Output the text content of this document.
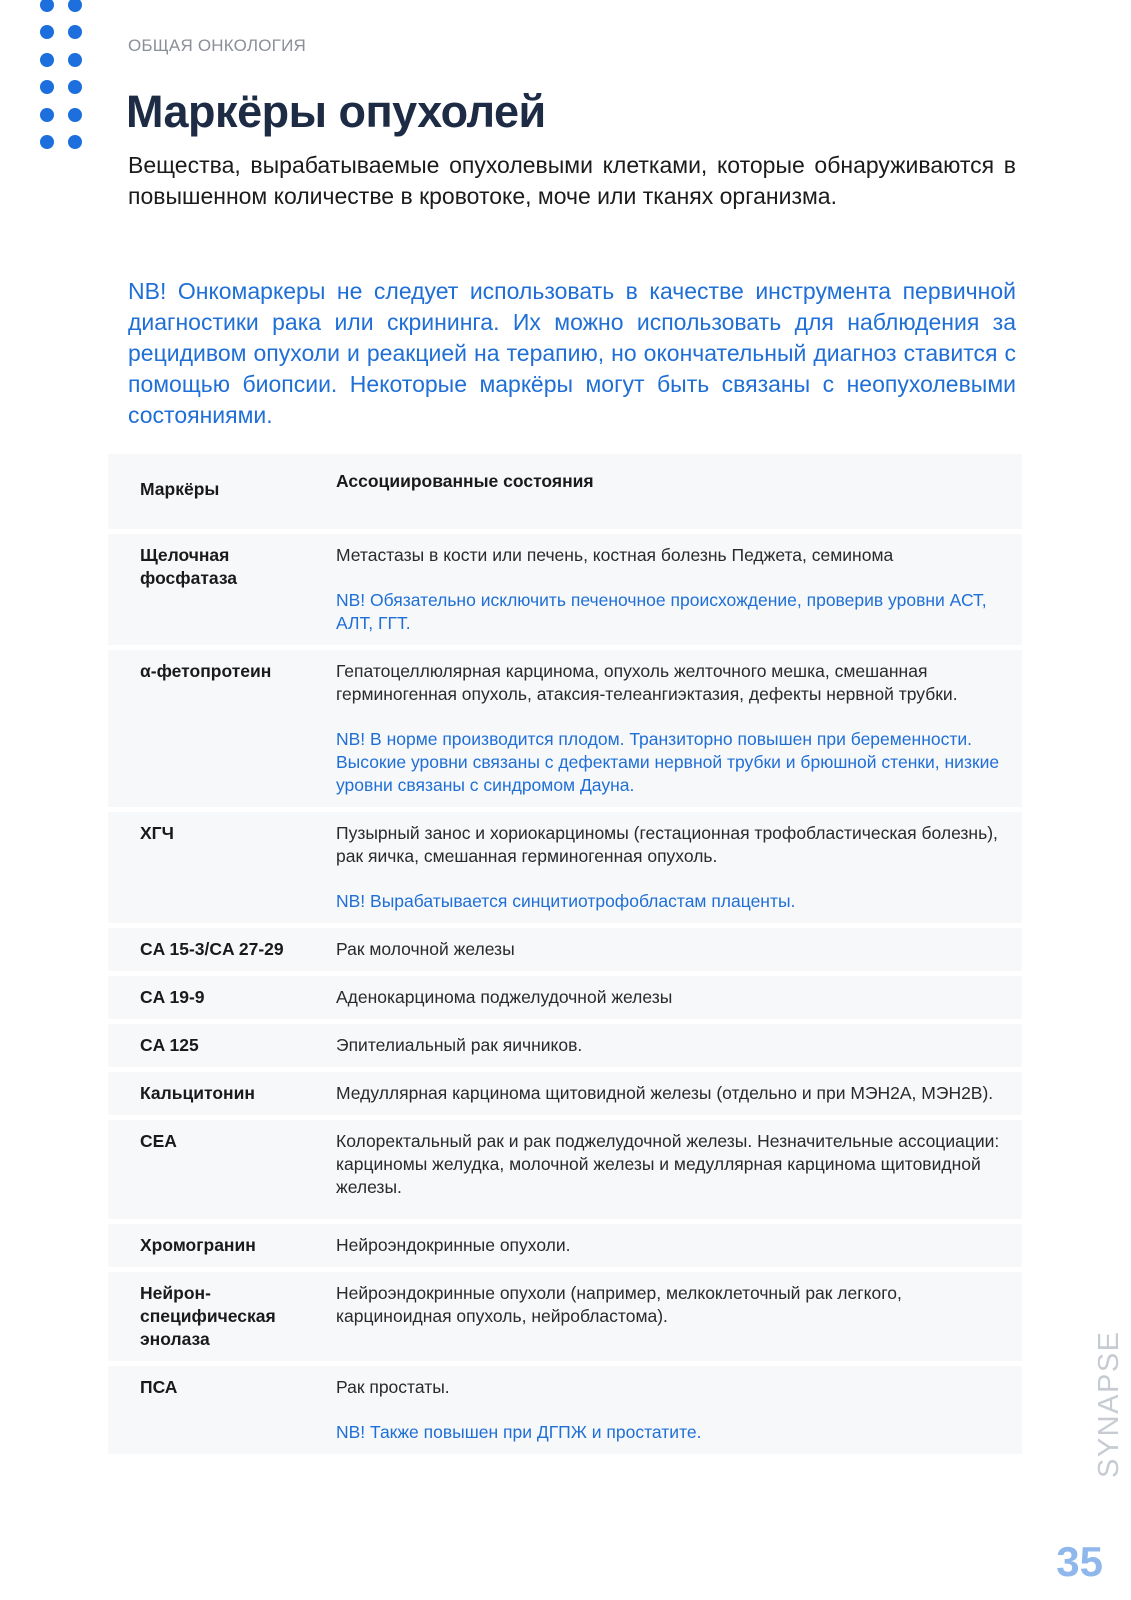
ОБЩАЯ ОНКОЛОГИЯ
Маркёры опухолей

Вещества, вырабатываемые опухолевыми клетками, которые обнаруживаются в повышенном количестве в кровотоке, моче или тканях организма.

NB! Онкомаркеры не следует использовать в качестве инструмента первичной диагностики рака или скрининга. Их можно использовать для наблюдения за рецидивом опухоли и реакцией на терапию, но окончательный диагноз ставится с помощью биопсии. Некоторые маркёры могут быть связаны с неопухолевыми состояниями.

Маркёры	Ассоциированные состояния
Щелочная фосфатаза	Метастазы в кости или печень, костная болезнь Педжета, семинома
NB! Обязательно исключить печеночное происхождение, проверив уровни АСТ, АЛТ, ГГТ.

α-фетопротеин	Гепатоцеллюлярная карцинома, опухоль желточного мешка, смешанная герминогенная опухоль, атаксия-телеангиэктазия, дефекты нервной трубки.
NB! В норме производится плодом. Транзиторно повышен при беременности. Высокие уровни связаны с дефектами нервной трубки и брюшной стенки, низкие уровни связаны с синдромом Дауна.

ХГЧ	Пузырный занос и хориокарциномы (гестационная трофобластическая болезнь), рак яичка, смешанная герминогенная опухоль.
NB! Вырабатывается синцитиотрофобластам плаценты.

CA 15-3/CA 27-29	Рак молочной железы
CA 19-9	Аденокарцинома поджелудочной железы
CA 125	Эпителиальный рак яичников.
Кальцитонин	Медуллярная карцинома щитовидной железы (отдельно и при МЭН2А, МЭН2В).
CEA	Колоректальный рак и рак поджелудочной железы. Незначительные ассоциации: карциномы желудка, молочной железы и медуллярная карцинома щитовидной железы.
Хромогранин	Нейроэндокринные опухоли.
Нейрон-специфическая энолаза	Нейроэндокринные опухоли (например, мелкоклеточный рак легкого, карциноидная опухоль, нейробластома).
ПСА	Рак простаты.
NB! Также повышен при ДГПЖ и простатите.	SYNAPSE
35
